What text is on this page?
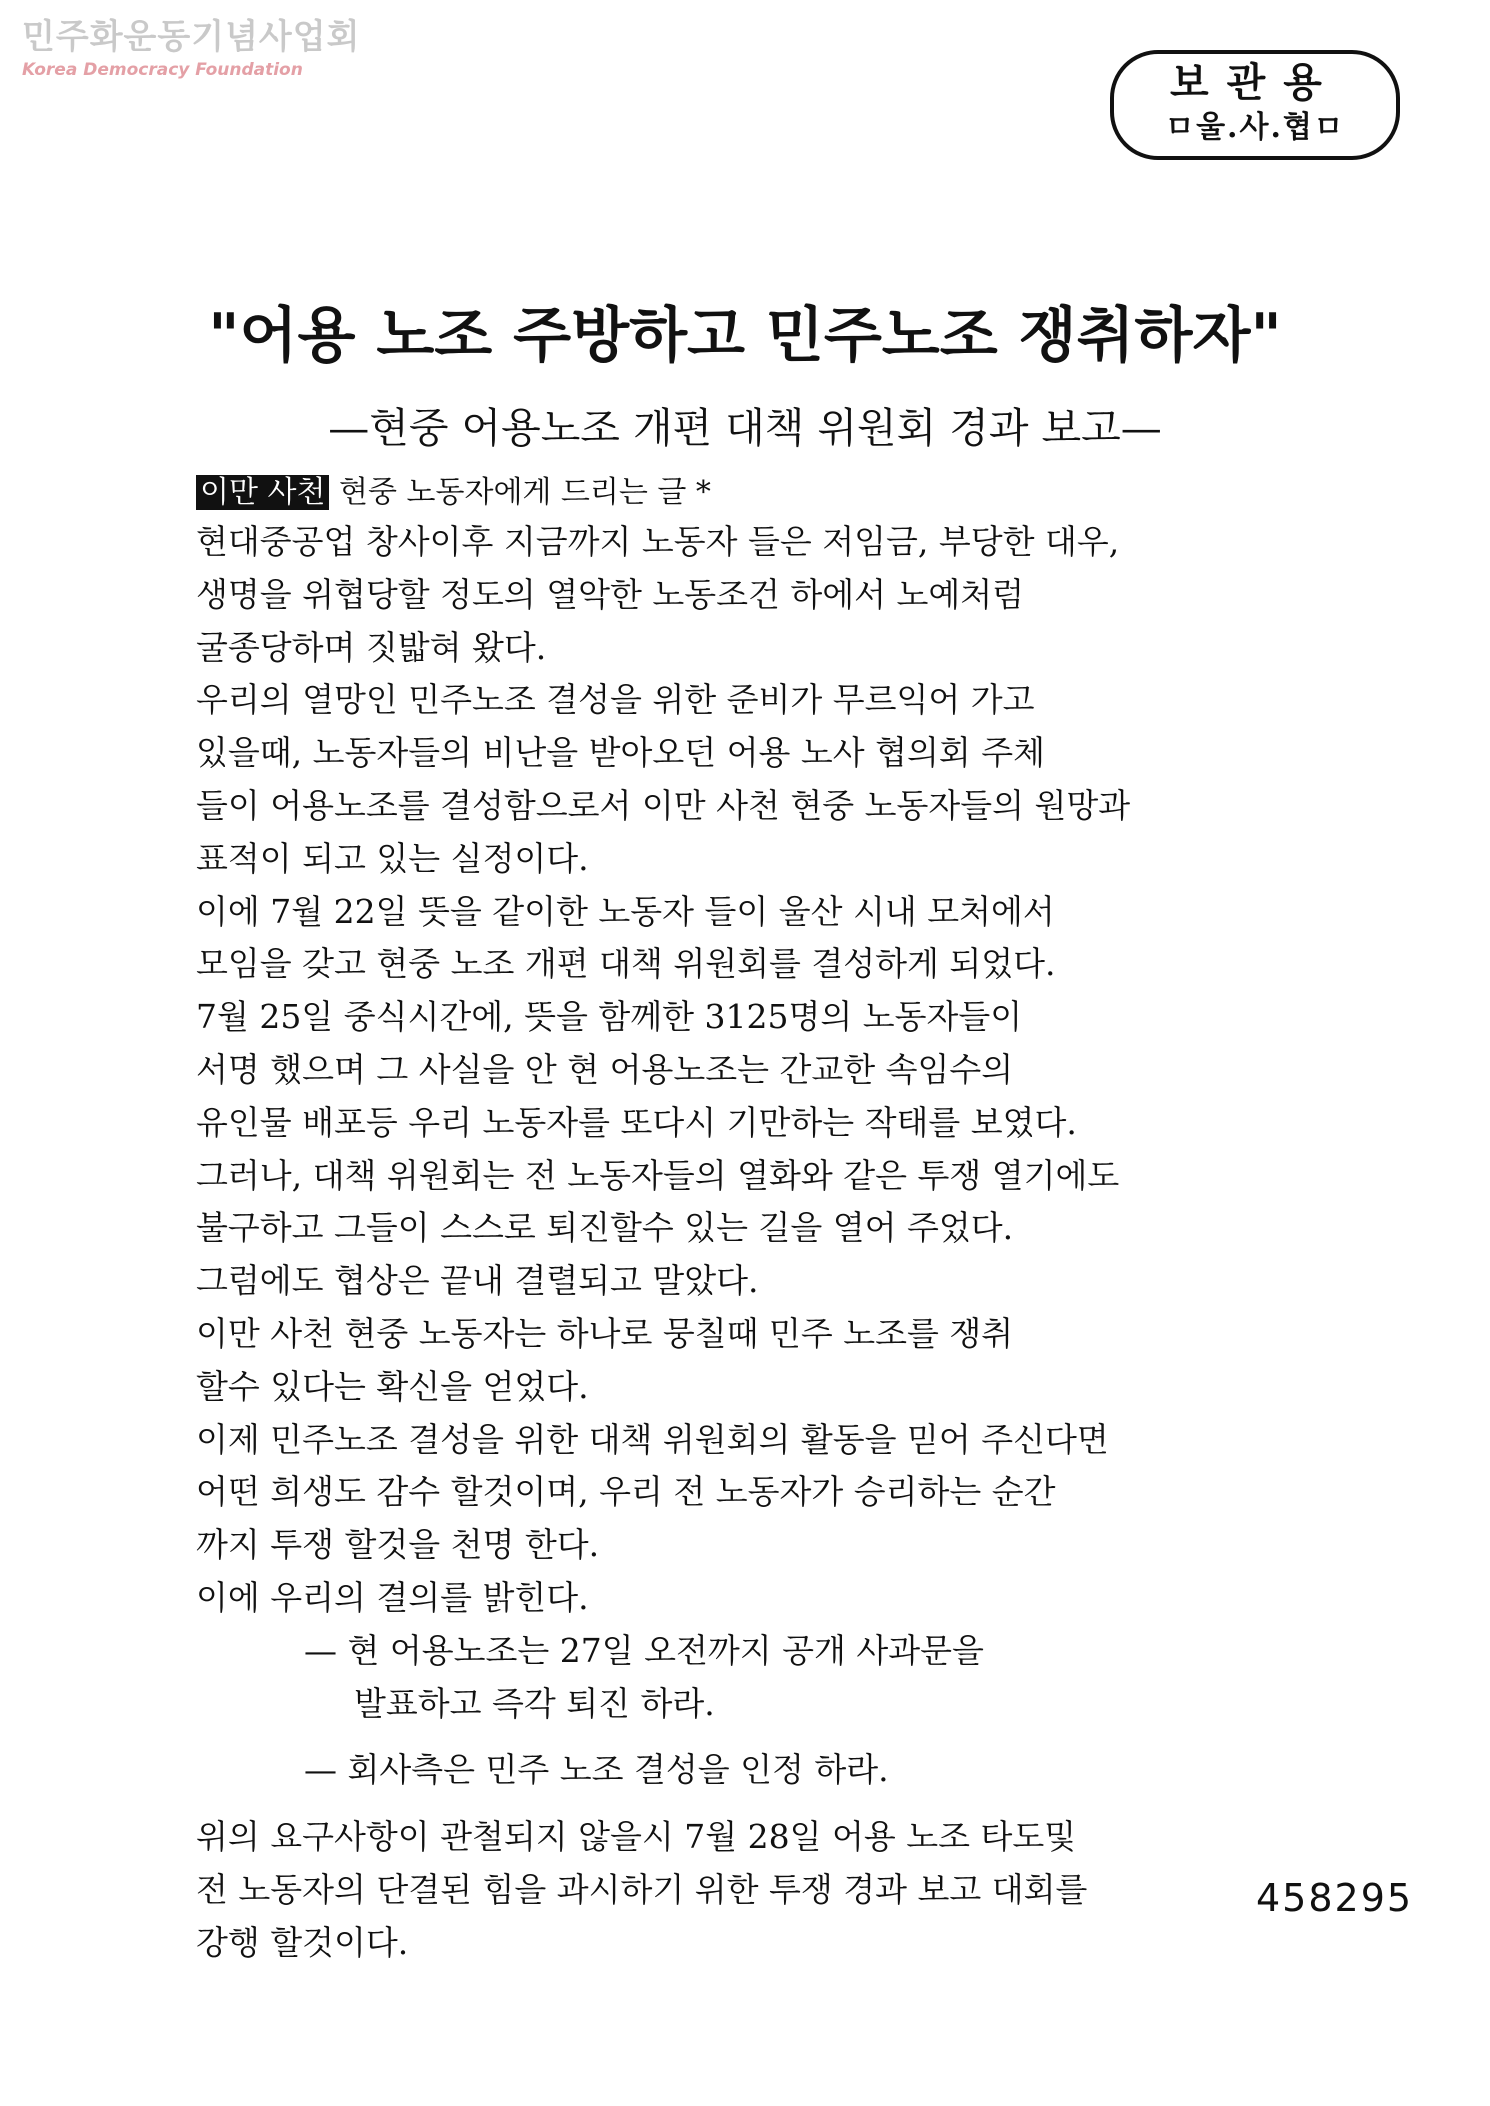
민주화운동기념사업회
Korea Democracy Foundation	보관용
ㅁ울.사.협ㅁ
"어용 노조 주방하고 민주노조 쟁취하자"
—현중 어용노조 개편 대책 위원회 경과 보고—
이만 사천 현중 노동자에게 드리는 글 *
현대중공업 창사이후 지금까지 노동자 들은 저임금, 부당한 대우,
생명을 위협당할 정도의 열악한 노동조건 하에서 노예처럼
굴종당하며 짓밟혀 왔다.
우리의 열망인 민주노조 결성을 위한 준비가 무르익어 가고
있을때, 노동자들의 비난을 받아오던 어용 노사 협의회 주체
들이 어용노조를 결성함으로서 이만 사천 현중 노동자들의 원망과
표적이 되고 있는 실정이다.
이에 7월 22일 뜻을 같이한 노동자 들이 울산 시내 모처에서
모임을 갖고 현중 노조 개편 대책 위원회를 결성하게 되었다.
7월 25일 중식시간에, 뜻을 함께한 3125명의 노동자들이
서명 했으며 그 사실을 안 현 어용노조는 간교한 속임수의
유인물 배포등 우리 노동자를 또다시 기만하는 작태를 보였다.
그러나, 대책 위원회는 전 노동자들의 열화와 같은 투쟁 열기에도
불구하고 그들이 스스로 퇴진할수 있는 길을 열어 주었다.
그럼에도 협상은 끝내 결렬되고 말았다.
이만 사천 현중 노동자는 하나로 뭉칠때 민주 노조를 쟁취
할수 있다는 확신을 얻었다.
이제 민주노조 결성을 위한 대책 위원회의 활동을 믿어 주신다면
어떤 희생도 감수 할것이며, 우리 전 노동자가 승리하는 순간
까지 투쟁 할것을 천명 한다.
이에 우리의 결의를 밝힌다.
— 현 어용노조는 27일 오전까지 공개 사과문을
발표하고 즉각 퇴진 하라.
— 회사측은 민주 노조 결성을 인정 하라.
위의 요구사항이 관철되지 않을시 7월 28일 어용 노조 타도및
전 노동자의 단결된 힘을 과시하기 위한 투쟁 경과 보고 대회를
강행 할것이다.
458295
